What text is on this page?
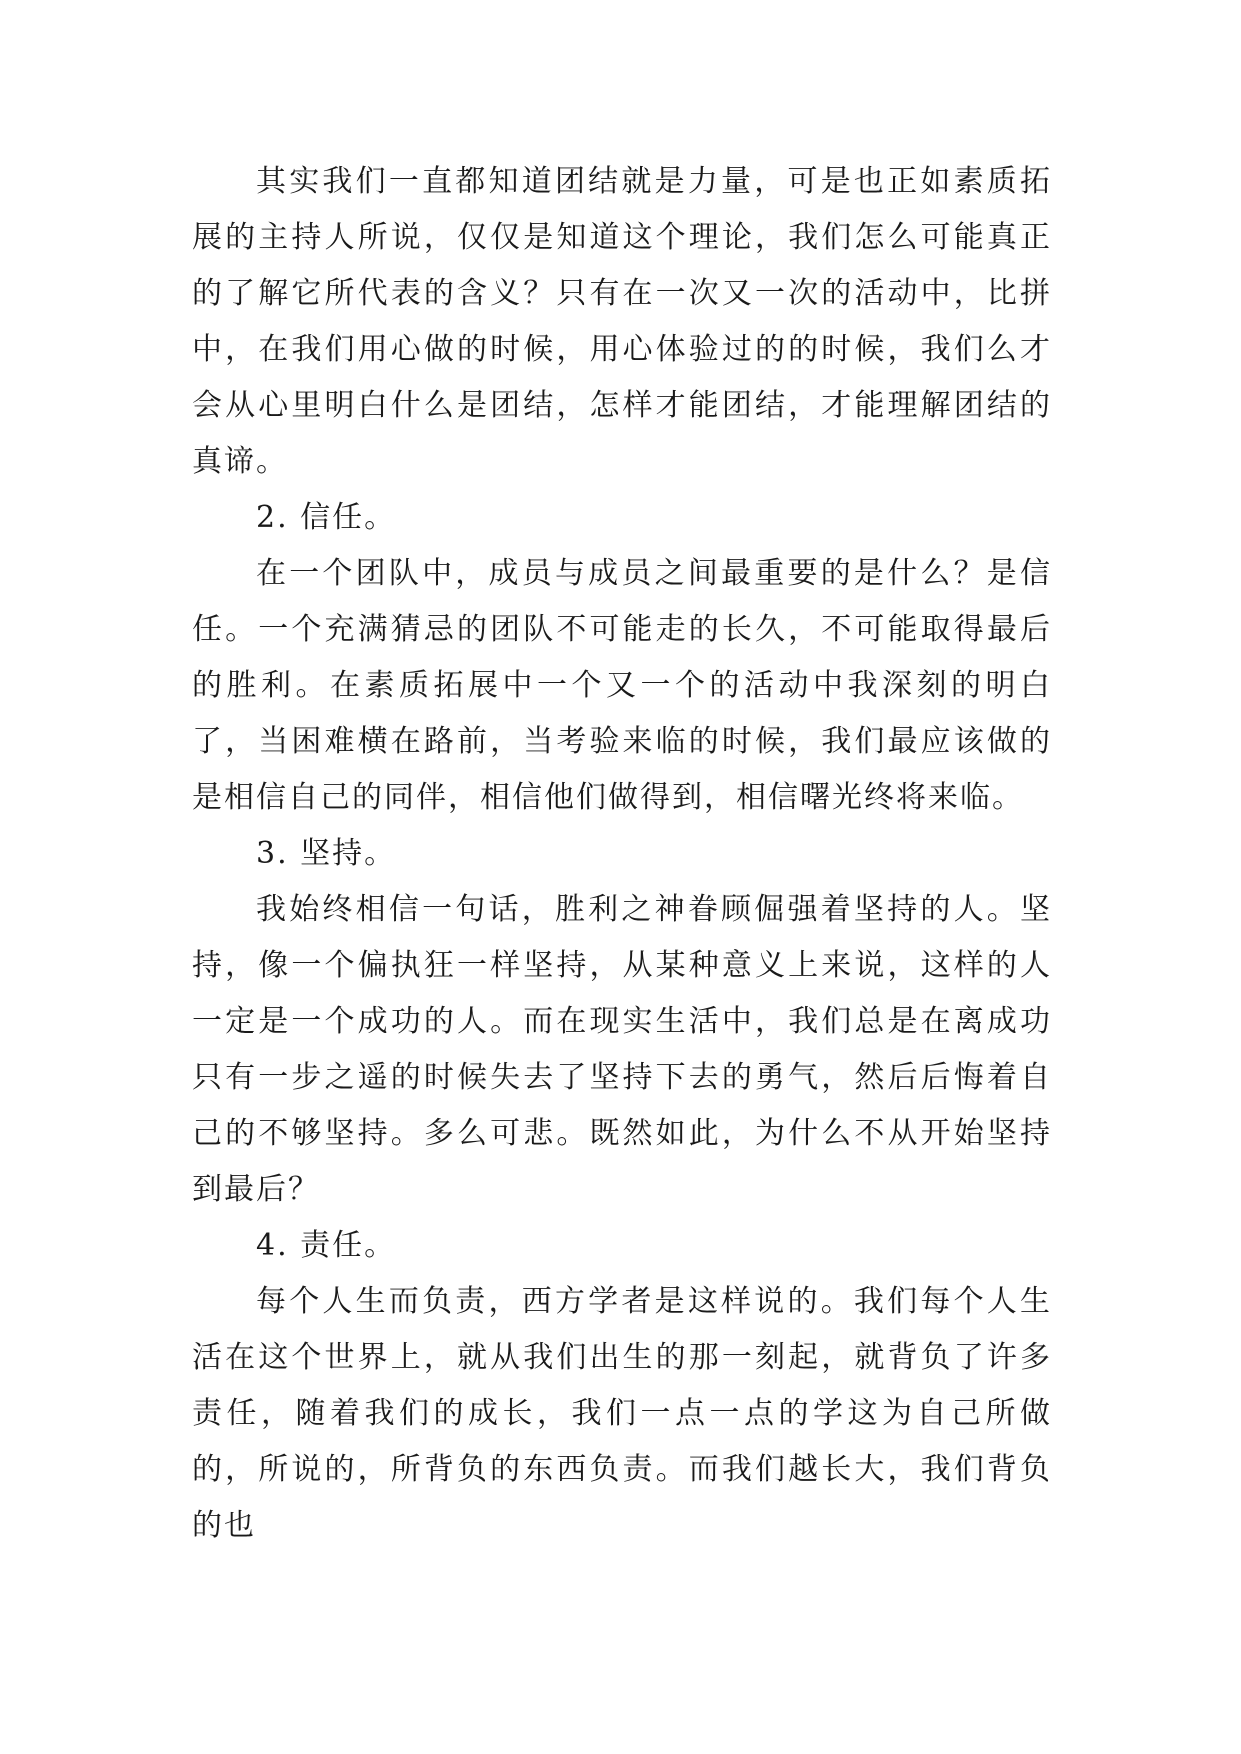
其实我们一直都知道团结就是力量，可是也正如素质拓展的主持人所说，仅仅是知道这个理论，我们怎么可能真正的了解它所代表的含义？只有在一次又一次的活动中，比拼中，在我们用心做的时候，用心体验过的的时候，我们么才会从心里明白什么是团结，怎样才能团结，才能理解团结的真谛。

2. 信任。

在一个团队中，成员与成员之间最重要的是什么？是信任。一个充满猜忌的团队不可能走的长久，不可能取得最后的胜利。在素质拓展中一个又一个的活动中我深刻的明白了，当困难横在路前，当考验来临的时候，我们最应该做的是相信自己的同伴，相信他们做得到，相信曙光终将来临。

3. 坚持。

我始终相信一句话，胜利之神眷顾倔强着坚持的人。坚持，像一个偏执狂一样坚持，从某种意义上来说，这样的人一定是一个成功的人。而在现实生活中，我们总是在离成功只有一步之遥的时候失去了坚持下去的勇气，然后后悔着自己的不够坚持。多么可悲。既然如此，为什么不从开始坚持到最后？

4. 责任。

每个人生而负责，西方学者是这样说的。我们每个人生活在这个世界上，就从我们出生的那一刻起，就背负了许多责任，随着我们的成长，我们一点一点的学这为自己所做的，所说的，所背负的东西负责。而我们越长大，我们背负的也
